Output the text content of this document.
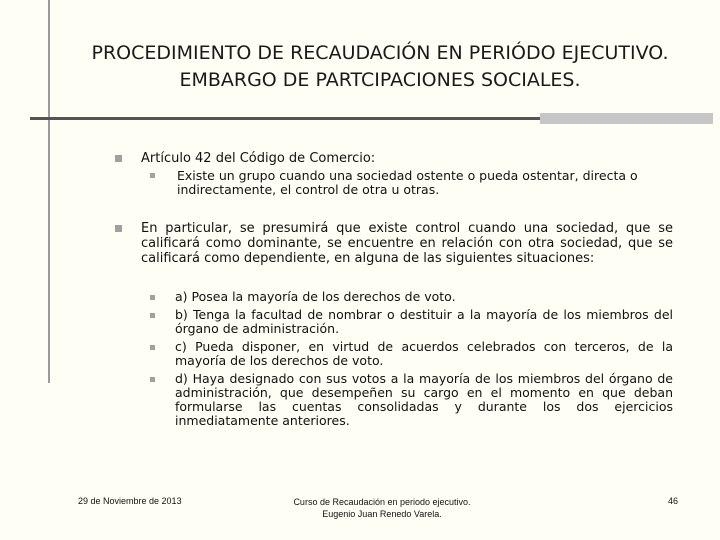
PROCEDIMIENTO DE RECAUDACIÓN EN PERIÓDO EJECUTIVO.
EMBARGO DE PARTCIPACIONES SOCIALES.
Artículo 42 del Código de Comercio:
Existe un grupo cuando una sociedad ostente o pueda ostentar, directa o indirectamente, el control de otra u otras.
En particular, se presumirá que existe control cuando una sociedad, que se calificará como dominante, se encuentre en relación con otra sociedad, que se calificará como dependiente, en alguna de las siguientes situaciones:
a) Posea la mayoría de los derechos de voto.
b) Tenga la facultad de nombrar o destituir a la mayoría de los miembros del órgano de administración.
c) Pueda disponer, en virtud de acuerdos celebrados con terceros, de la mayoría de los derechos de voto.
d) Haya designado con sus votos a la mayoría de los miembros del órgano de administración, que desempeñen su cargo en el momento en que deban formularse las cuentas consolidadas y durante los dos ejercicios inmediatamente anteriores.
29 de Noviembre de 2013	Curso de Recaudación en periodo ejecutivo.
Eugenio Juan Renedo Varela.
46
